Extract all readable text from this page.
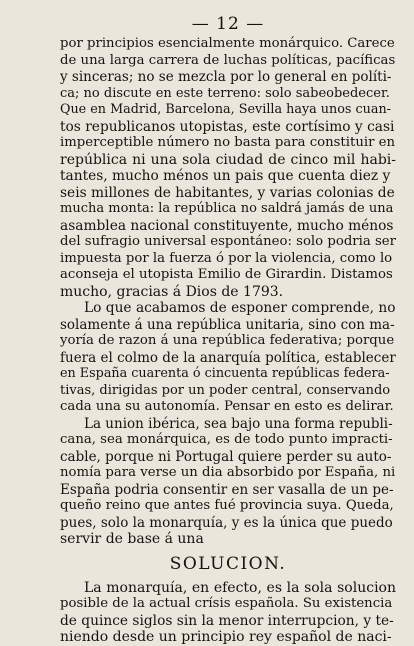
— 12 —

por principios esencialmente monárquico. Carece
de una larga carrera de luchas políticas, pacíficas
y sinceras; no se mezcla por lo general en políti-
ca; no discute en este terreno: solo sabeobedecer.
Que en Madrid, Barcelona, Sevilla haya unos cuan-
tos republicanos utopistas, este cortísimo y casi
imperceptible número no basta para constituir en
república ni una sola ciudad de cinco mil habi-
tantes, mucho ménos un pais que cuenta diez y
seis millones de habitantes, y varias colonias de
mucha monta: la república no saldrá jamás de una
asamblea nacional constituyente, mucho ménos
del sufragio universal espontáneo: solo podria ser
impuesta por la fuerza ó por la violencia, como lo
aconseja el utopista Emilio de Girardin. Distamos
mucho, gracias á Dios de 1793.

Lo que acabamos de esponer comprende, no
solamente á una república unitaria, sino con ma-
yoría de razon á una república federativa; porque
fuera el colmo de la anarquía política, establecer
en España cuarenta ó cincuenta repúblicas federa-
tivas, dirigidas por un poder central, conservando
cada una su autonomía. Pensar en esto es delirar.

La union ibérica, sea bajo una forma republi-
cana, sea monárquica, es de todo punto impracti-
cable, porque ni Portugal quiere perder su auto-
nomía para verse un dia absorbido por España, ni
España podria consentir en ser vasalla de un pe-
queño reino que antes fué provincia suya. Queda,
pues, solo la monarquía, y es la única que puedo
servir de base á una

SOLUCION.

La monarquía, en efecto, es la sola solucion
posible de la actual crísis española. Su existencia
de quince siglos sin la menor interrupcion, y te-
niendo desde un principio rey español de naci-
